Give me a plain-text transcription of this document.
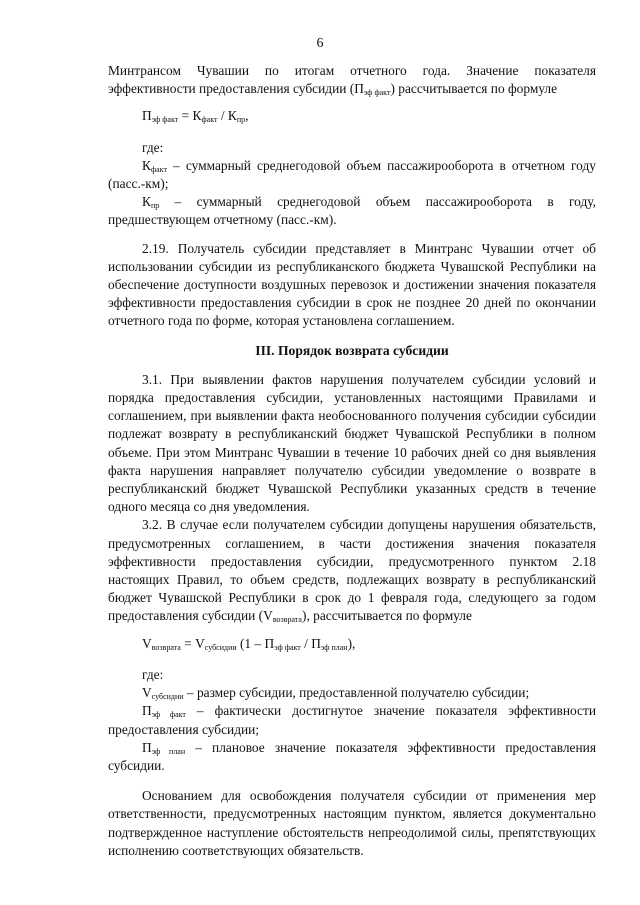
6

Минтрансом Чувашии по итогам отчетного года. Значение показателя эффективности предоставления субсидии $(П_{эф факт})$ рассчитывается по формуле

$П_{эф факт} = К_{факт} / К_{пр}$,

где:

$К_{факт}$ – суммарный среднегодовой объем пассажирооборота в отчетном году (пасс.-км);

$К_{пр}$ – суммарный среднегодовой объем пассажирооборота в году, предшествующем отчетному (пасс.-км).

2.19. Получатель субсидии представляет в Минтранс Чувашии отчет об использовании субсидии из республиканского бюджета Чувашской Республики на обеспечение доступности воздушных перевозок и достижении значения показателя эффективности предоставления субсидии в срок не позднее 20 дней по окончании отчетного года по форме, которая установлена соглашением.

III. Порядок возврата субсидии

3.1. При выявлении фактов нарушения получателем субсидии условий и порядка предоставления субсидии, установленных настоящими Правилами и соглашением, при выявлении факта необоснованного получения субсидии субсидии подлежат возврату в республиканский бюджет Чувашской Республики в полном объеме. При этом Минтранс Чувашии в течение 10 рабочих дней со дня выявления факта нарушения направляет получателю субсидии уведомление о возврате в республиканский бюджет Чувашской Республики указанных средств в течение одного месяца со дня уведомления.

3.2. В случае если получателем субсидии допущены нарушения обязательств, предусмотренных соглашением, в части достижения значения показателя эффективности предоставления субсидии, предусмотренного пунктом 2.18 настоящих Правил, то объем средств, подлежащих возврату в республиканский бюджет Чувашской Республики в срок до 1 февраля года, следующего за годом предоставления субсидии $(V_{возврата})$, рассчитывается по формуле

$V_{возврата} = V_{субсидии}$ $(1 - П_{эф факт} / П_{эф план})$,

где:

$V_{субсидии}$ – размер субсидии, предоставленной получателю субсидии;

$П_{эф факт}$ – фактически достигнутое значение показателя эффективности предоставления субсидии;

$П_{эф план}$ – плановое значение показателя эффективности предоставления субсидии.

Основанием для освобождения получателя субсидии от применения мер ответственности, предусмотренных настоящим пунктом, является документально подтвержденное наступление обстоятельств непреодолимой силы, препятствующих исполнению соответствующих обязательств.
